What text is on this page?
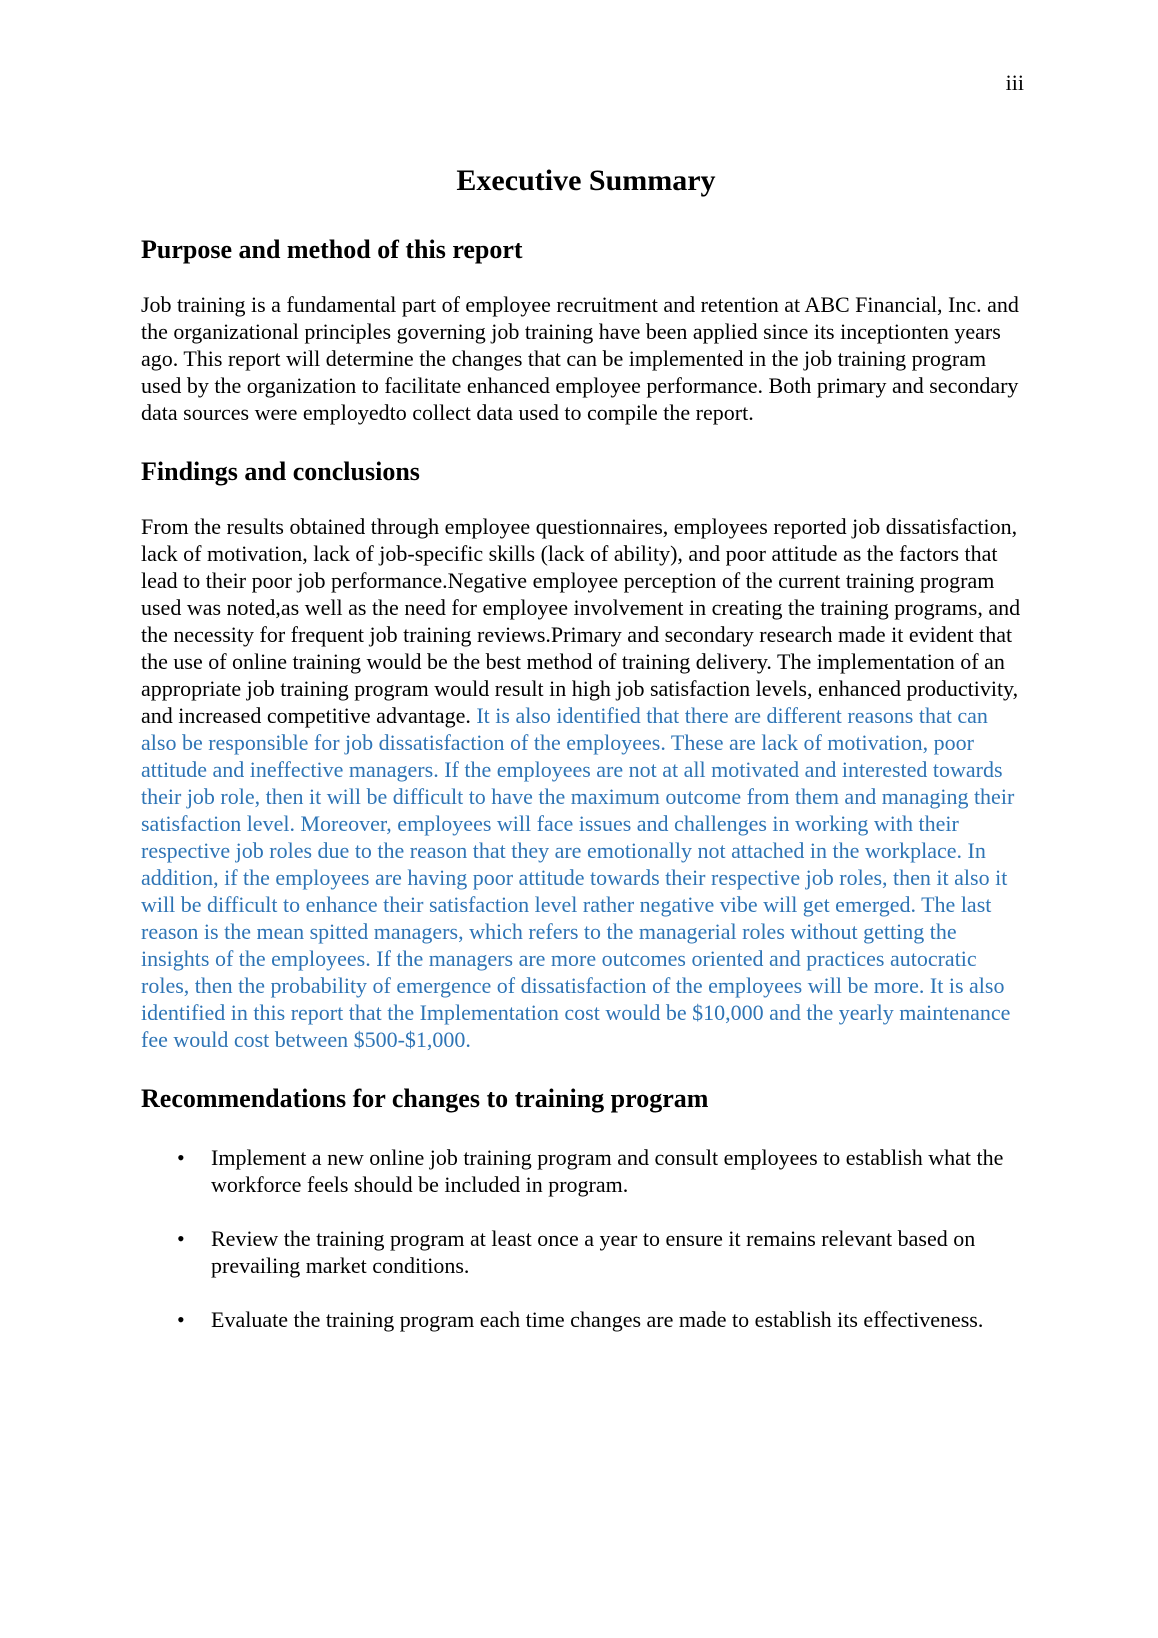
iii
Executive Summary
Purpose and method of this report

Job training is a fundamental part of employee recruitment and retention at ABC Financial, Inc. and the organizational principles governing job training have been applied since its inceptionten years ago. This report will determine the changes that can be implemented in the job training program used by the organization to facilitate enhanced employee performance. Both primary and secondary data sources were employedto collect data used to compile the report.

Findings and conclusions

From the results obtained through employee questionnaires, employees reported job dissatisfaction, lack of motivation, lack of job-specific skills (lack of ability), and poor attitude as the factors that lead to their poor job performance.Negative employee perception of the current training program used was noted,as well as the need for employee involvement in creating the training programs, and the necessity for frequent job training reviews.Primary and secondary research made it evident that the use of online training would be the best method of training delivery. The implementation of an appropriate job training program would result in high job satisfaction levels, enhanced productivity, and increased competitive advantage. It is also identified that there are different reasons that can also be responsible for job dissatisfaction of the employees. These are lack of motivation, poor attitude and ineffective managers. If the employees are not at all motivated and interested towards their job role, then it will be difficult to have the maximum outcome from them and managing their satisfaction level. Moreover, employees will face issues and challenges in working with their respective job roles due to the reason that they are emotionally not attached in the workplace. In addition, if the employees are having poor attitude towards their respective job roles, then it also it will be difficult to enhance their satisfaction level rather negative vibe will get emerged. The last reason is the mean spitted managers, which refers to the managerial roles without getting the insights of the employees. If the managers are more outcomes oriented and practices autocratic roles, then the probability of emergence of dissatisfaction of the employees will be more. It is also identified in this report that the Implementation cost would be $10,000 and the yearly maintenance fee would cost between $500-$1,000.

Recommendations for changes to training program
• Implement a new online job training program and consult employees to establish what the workforce feels should be included in program.
• Review the training program at least once a year to ensure it remains relevant based on prevailing market conditions.
• Evaluate the training program each time changes are made to establish its effectiveness.
